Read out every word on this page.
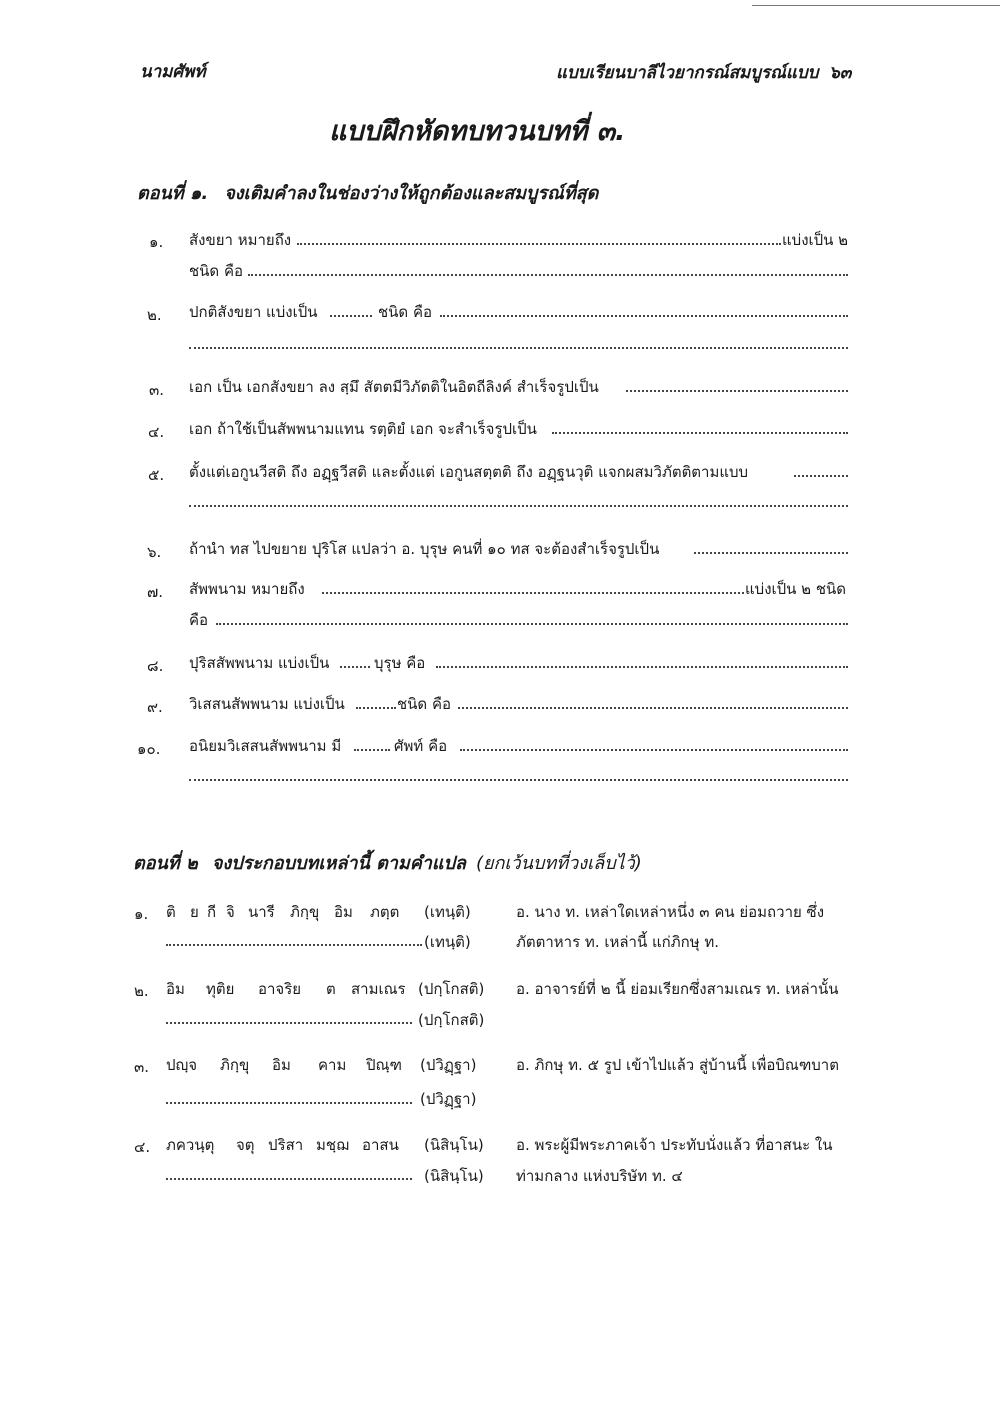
นามศัพท์	แบบเรียนบาลีไวยากรณ์สมบูรณ์แบบ ๖๓
แบบฝึกหัดทบทวนบทที่ ๓.
ตอนที่ ๑. จงเติมคำลงในช่องว่างให้ถูกต้องและสมบูรณ์ที่สุด
๑. สังขยา หมายถึง	แบ่งเป็น ๒
ชนิด คือ
๒. ปกติสังขยา แบ่งเป็น	ชนิด คือ
๓. เอก เป็น เอกสังขยา ลง สฺมึ สัตตมีวิภัตติในอิตถีลิงค์ สำเร็จรูปเป็น
๔. เอก ถ้าใช้เป็นสัพพนามแทน รตฺติยํ เอก จะสำเร็จรูปเป็น
๕. ตั้งแต่เอกูนวีสติ ถึง อฏฺฐวีสติ และตั้งแต่ เอกูนสตฺตติ ถึง อฏฺฐนวุติ แจกผสมวิภัตติตามแบบ
๖. ถ้านำ ทส ไปขยาย ปุริโส แปลว่า อ. บุรุษ คนที่ ๑๐ ทส จะต้องสำเร็จรูปเป็น
๗. สัพพนาม หมายถึง	แบ่งเป็น ๒ ชนิด
คือ
๘. ปุริสสัพพนาม แบ่งเป็น	บุรุษ คือ
๙. วิเสสนสัพพนาม แบ่งเป็น	ชนิด คือ
๑๐. อนิยมวิเสสนสัพพนาม มี	ศัพท์ คือ
ตอนที่ ๒ จงประกอบบทเหล่านี้ ตามคำแปล (ยกเว้นบทที่วงเล็บไว้)
๑. ติ ย กี จิ นารี ภิกฺขุ อิม ภตฺต (เทนฺติ)
(เทนฺติ)
อ. นาง ท. เหล่าใดเหล่าหนึ่ง ๓ คน ย่อมถวาย ซึ่ง
ภัตตาหาร ท. เหล่านี้ แก่ภิกษุ ท.
๒. อิม ทุติย อาจริย ต สามเณร (ปกฺโกสติ)
(ปกฺโกสติ)
อ. อาจารย์ที่ ๒ นี้ ย่อมเรียกซึ่งสามเณร ท. เหล่านั้น
๓. ปญฺจ ภิกฺขุ อิม คาม ปิณฺฑ (ปวิฏฺฐา)
(ปวิฏฺฐา)
อ. ภิกษุ ท. ๕ รูป เข้าไปแล้ว สู่บ้านนี้ เพื่อบิณฑบาต
๔. ภควนฺตุ จตุ ปริสา มชฺฌ อาสน (นิสินฺโน)
(นิสินฺโน)
อ. พระผู้มีพระภาคเจ้า ประทับนั่งแล้ว ที่อาสนะ ใน
ท่ามกลาง แห่งบริษัท ท. ๔
